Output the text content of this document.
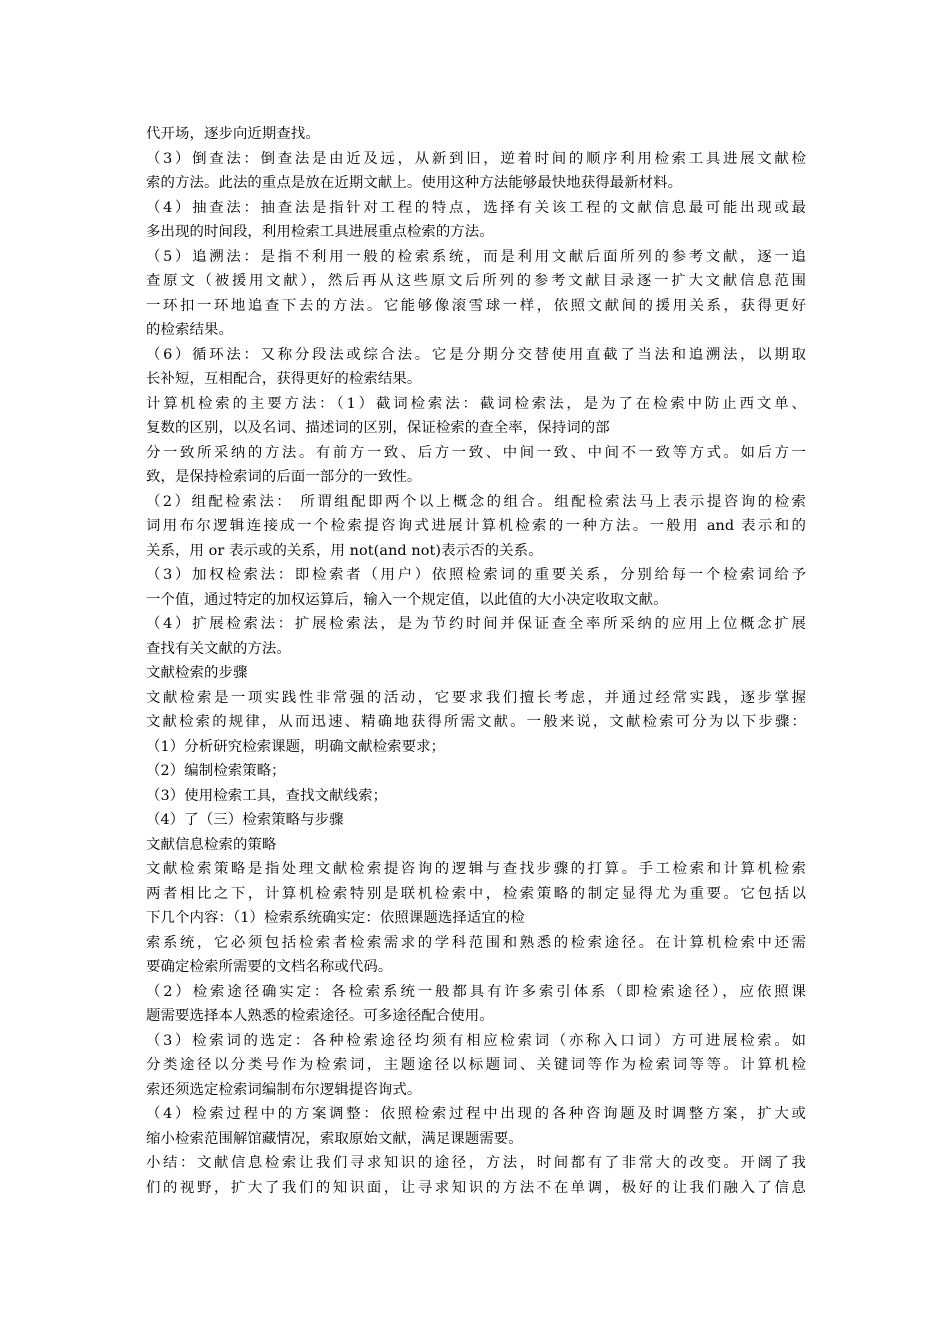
代开场，逐步向近期查找。
（3）倒查法：倒查法是由近及远，从新到旧，逆着时间的顺序利用检索工具进展文献检
索的方法。此法的重点是放在近期文献上。使用这种方法能够最快地获得最新材料。
（4）抽查法：抽查法是指针对工程的特点，选择有关该工程的文献信息最可能出现或最
多出现的时间段，利用检索工具进展重点检索的方法。
（5）追溯法：是指不利用一般的检索系统，而是利用文献后面所列的参考文献，逐一追
查原文（被援用文献），然后再从这些原文后所列的参考文献目录逐一扩大文献信息范围
一环扣一环地追查下去的方法。它能够像滚雪球一样，依照文献间的援用关系，获得更好
的检索结果。
（6）循环法：又称分段法或综合法。它是分期分交替使用直截了当法和追溯法，以期取
长补短，互相配合，获得更好的检索结果。
计算机检索的主要方法：（1）截词检索法：截词检索法，是为了在检索中防止西文单、
复数的区别，以及名词、描述词的区别，保证检索的查全率，保持词的部
分一致所采纳的方法。有前方一致、后方一致、中间一致、中间不一致等方式。如后方一
致，是保持检索词的后面一部分的一致性。
（2）组配检索法： 所谓组配即两个以上概念的组合。组配检索法马上表示提咨询的检索
词用布尔逻辑连接成一个检索提咨询式进展计算机检索的一种方法。一般用 and 表示和的
关系，用 or 表示或的关系，用 not(and not)表示否的关系。
（3）加权检索法：即检索者（用户）依照检索词的重要关系，分别给每一个检索词给予
一个值，通过特定的加权运算后，输入一个规定值，以此值的大小决定收取文献。
（4）扩展检索法：扩展检索法，是为节约时间并保证查全率所采纳的应用上位概念扩展
查找有关文献的方法。
文献检索的步骤
文献检索是一项实践性非常强的活动，它要求我们擅长考虑，并通过经常实践，逐步掌握
文献检索的规律，从而迅速、精确地获得所需文献。一般来说，文献检索可分为以下步骤：
（1）分析研究检索课题，明确文献检索要求；
（2）编制检索策略；
（3）使用检索工具，查找文献线索；
（4）了（三）检索策略与步骤
文献信息检索的策略
文献检索策略是指处理文献检索提咨询的逻辑与查找步骤的打算。手工检索和计算机检索
两者相比之下，计算机检索特别是联机检索中，检索策略的制定显得尤为重要。它包括以
下几个内容：（1）检索系统确实定：依照课题选择适宜的检
索系统，它必须包括检索者检索需求的学科范围和熟悉的检索途径。在计算机检索中还需
要确定检索所需要的文档名称或代码。
（2）检索途径确实定：各检索系统一般都具有许多索引体系（即检索途径），应依照课
题需要选择本人熟悉的检索途径。可多途径配合使用。
（3）检索词的选定：各种检索途径均须有相应检索词（亦称入口词）方可进展检索。如
分类途径以分类号作为检索词，主题途径以标题词、关键词等作为检索词等等。计算机检
索还须选定检索词编制布尔逻辑提咨询式。
（4）检索过程中的方案调整：依照检索过程中出现的各种咨询题及时调整方案，扩大或
缩小检索范围解馆藏情况，索取原始文献，满足课题需要。
小结：文献信息检索让我们寻求知识的途径，方法，时间都有了非常大的改变。开阔了我
们的视野，扩大了我们的知识面，让寻求知识的方法不在单调，极好的让我们融入了信息
